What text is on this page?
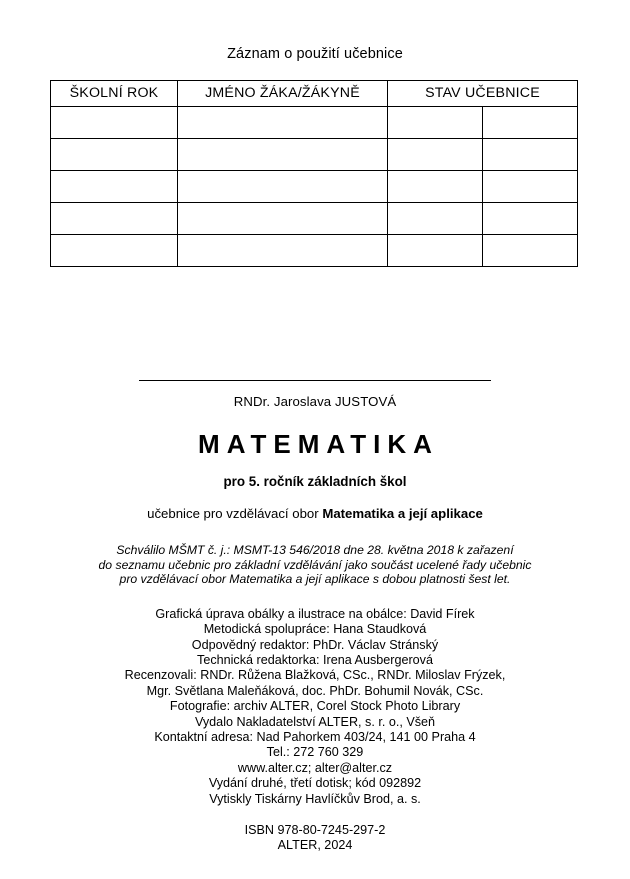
Záznam o použití učebnice
ŠKOLNÍ ROK	JMÉNO ŽÁKA/ŽÁKYNĚ	STAV UČEBNICE	

RNDr. Jaroslava JUSTOVÁ
MATEMATIKA
pro 5. ročník základních škol
učebnice pro vzdělávací obor Matematika a její aplikace
Schválilo MŠMT č. j.: MSMT-13 546/2018 dne 28. května 2018 k zařazení
do seznamu učebnic pro základní vzdělávání jako součást ucelené řady učebnic
pro vzdělávací obor Matematika a její aplikace s dobou platnosti šest let.
Grafická úprava obálky a ilustrace na obálce: David Fírek
Metodická spolupráce: Hana Staudková
Odpovědný redaktor: PhDr. Václav Stránský
Technická redaktorka: Irena Ausbergerová
Recenzovali: RNDr. Růžena Blažková, CSc., RNDr. Miloslav Frýzek,
Mgr. Světlana Maleňáková, doc. PhDr. Bohumil Novák, CSc.
Fotografie: archiv ALTER, Corel Stock Photo Library
Vydalo Nakladatelství ALTER, s. r. o., Všeň
Kontaktní adresa: Nad Pahorkem 403/24, 141 00 Praha 4
Tel.: 272 760 329
www.alter.cz; alter@alter.cz
Vydání druhé, třetí dotisk; kód 092892
Vytiskly Tiskárny Havlíčkův Brod, a. s.
ISBN 978-80-7245-297-2
ALTER, 2024
